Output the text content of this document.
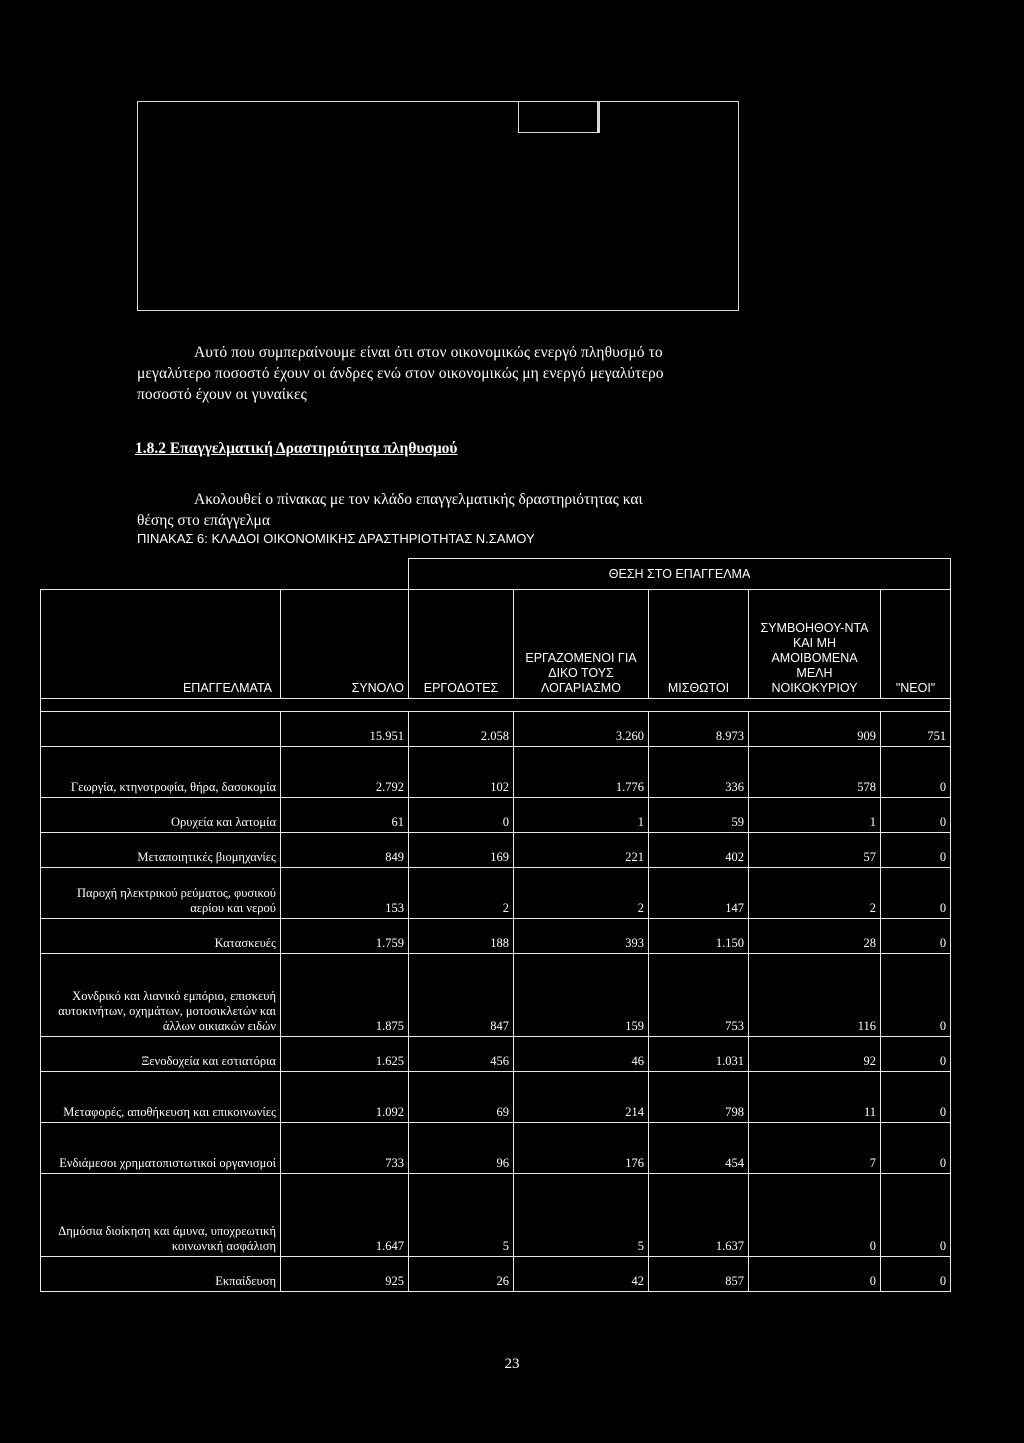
Αυτό που συμπεραίνουμε είναι ότι στον οικονομικώς ενεργό πληθυσμό το
μεγαλύτερο ποσοστό έχουν οι άνδρες ενώ στον οικονομικώς μη ενεργό μεγαλύτερο
ποσοστό έχουν οι γυναίκες
1.8.2 Επαγγελματική Δραστηριότητα πληθυσμού
Ακολουθεί ο πίνακας με τον κλάδο επαγγελματικής δραστηριότητας και
θέσης στο επάγγελμα
ΠΙΝΑΚΑΣ 6: ΚΛΑΔΟΙ ΟΙΚΟΝΟΜΙΚΗΣ ΔΡΑΣΤΗΡΙΟΤΗΤΑΣ Ν.ΣΑΜΟΥ
		ΘΕΣΗ ΣΤΟ ΕΠΑΓΓΕΛΜΑ				
ΕΠΑΓΓΕΛΜΑΤΑ	ΣΥΝΟΛΟ	ΕΡΓΟΔΟΤΕΣ	ΕΡΓΑΖΟΜΕΝΟΙ ΓΙΑ ΔΙΚΟ ΤΟΥΣ ΛΟΓΑΡΙΑΣΜΟ	ΜΙΣΘΩΤΟΙ	ΣΥΜΒΟΗΘΟΥ-ΝΤΑ ΚΑΙ ΜΗ ΑΜΟΙΒΟΜΕΝΑ ΜΕΛΗ ΝΟΙΚΟΚΥΡΙΟΥ	"ΝΕΟΙ"

	15.951	2.058	3.260	8.973	909	751
Γεωργία, κτηνοτροφία, θήρα, δασοκομία	2.792	102	1.776	336	578	0
Ορυχεία και λατομία	61	0	1	59	1	0
Μεταποιητικές βιομηχανίες	849	169	221	402	57	0
Παροχή ηλεκτρικού ρεύματος, φυσικού αερίου και νερού	153	2	2	147	2	0
Κατασκευές	1.759	188	393	1.150	28	0
Χονδρικό και λιανικό εμπόριο, επισκευή αυτοκινήτων, οχημάτων, μοτοσικλετών και άλλων οικιακών ειδών	1.875	847	159	753	116	0
Ξενοδοχεία και εστιατόρια	1.625	456	46	1.031	92	0
Μεταφορές, αποθήκευση και επικοινωνίες	1.092	69	214	798	11	0
Ενδιάμεσοι χρηματοπιστωτικοί οργανισμοί	733	96	176	454	7	0
Δημόσια διοίκηση και άμυνα, υποχρεωτική κοινωνική ασφάλιση	1.647	5	5	1.637	0	0
Εκπαίδευση	925	26	42	857	0	0
23
